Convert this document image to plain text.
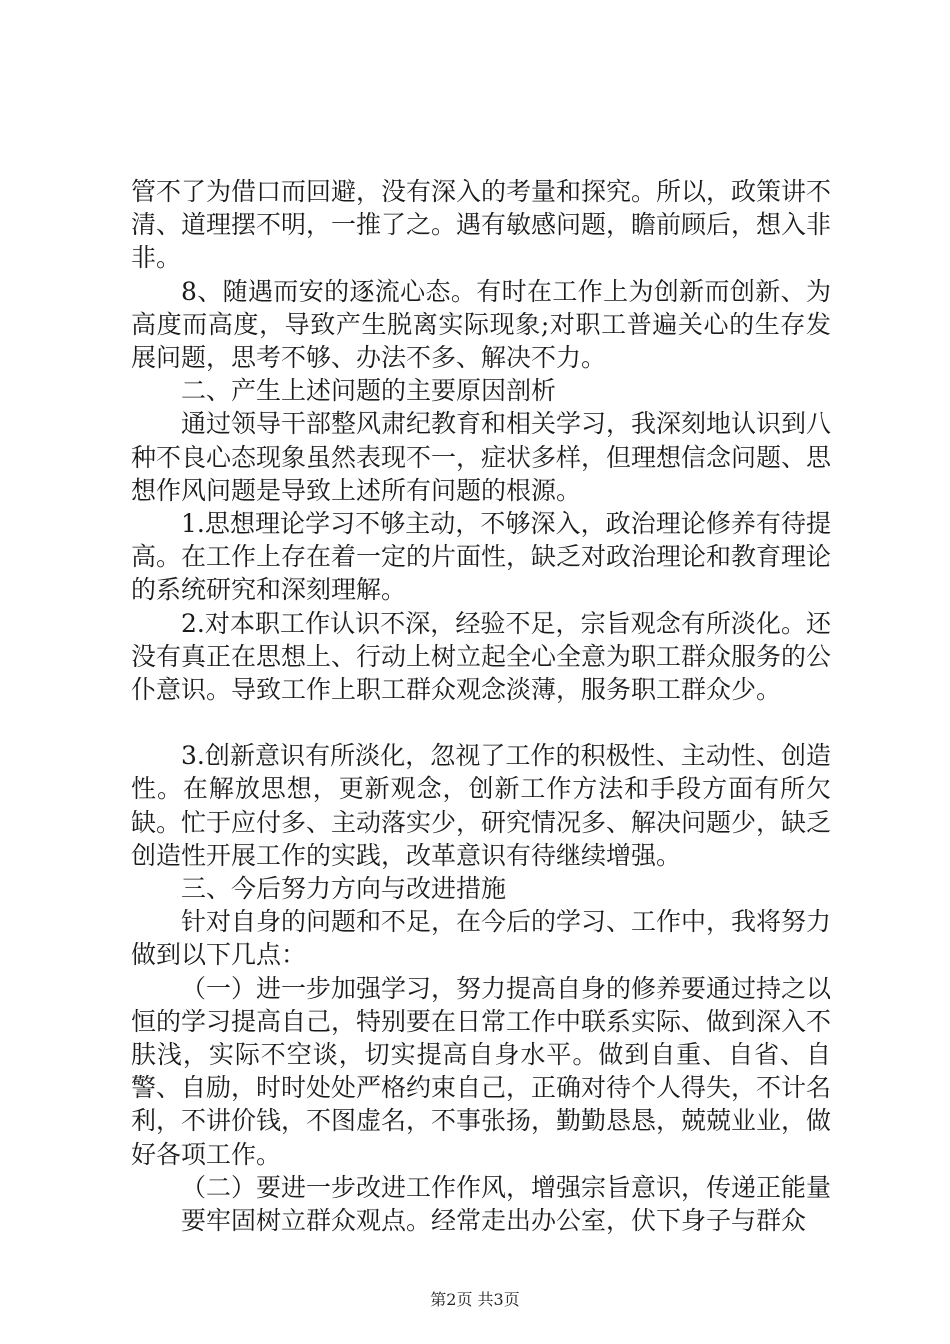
管不了为借口而回避，没有深入的考量和探究。所以，政策讲不清、道理摆不明，一推了之。遇有敏感问题，瞻前顾后，想入非非。

8、随遇而安的逐流心态。有时在工作上为创新而创新、为高度而高度，导致产生脱离实际现象;对职工普遍关心的生存发展问题，思考不够、办法不多、解决不力。

二、产生上述问题的主要原因剖析

通过领导干部整风肃纪教育和相关学习，我深刻地认识到八种不良心态现象虽然表现不一，症状多样，但理想信念问题、思想作风问题是导致上述所有问题的根源。

1.思想理论学习不够主动，不够深入，政治理论修养有待提高。在工作上存在着一定的片面性，缺乏对政治理论和教育理论的系统研究和深刻理解。

2.对本职工作认识不深，经验不足，宗旨观念有所淡化。还没有真正在思想上、行动上树立起全心全意为职工群众服务的公仆意识。导致工作上职工群众观念淡薄，服务职工群众少。

3.创新意识有所淡化，忽视了工作的积极性、主动性、创造性。在解放思想，更新观念，创新工作方法和手段方面有所欠缺。忙于应付多、主动落实少，研究情况多、解决问题少，缺乏创造性开展工作的实践，改革意识有待继续增强。

三、今后努力方向与改进措施

针对自身的问题和不足，在今后的学习、工作中，我将努力做到以下几点：

（一）进一步加强学习，努力提高自身的修养要通过持之以恒的学习提高自己，特别要在日常工作中联系实际、做到深入不肤浅，实际不空谈，切实提高自身水平。做到自重、自省、自警、自励，时时处处严格约束自己，正确对待个人得失，不计名利，不讲价钱，不图虚名，不事张扬，勤勤恳恳，兢兢业业，做好各项工作。

（二）要进一步改进工作作风，增强宗旨意识，传递正能量

要牢固树立群众观点。经常走出办公室，伏下身子与群众

第2页 共3页
